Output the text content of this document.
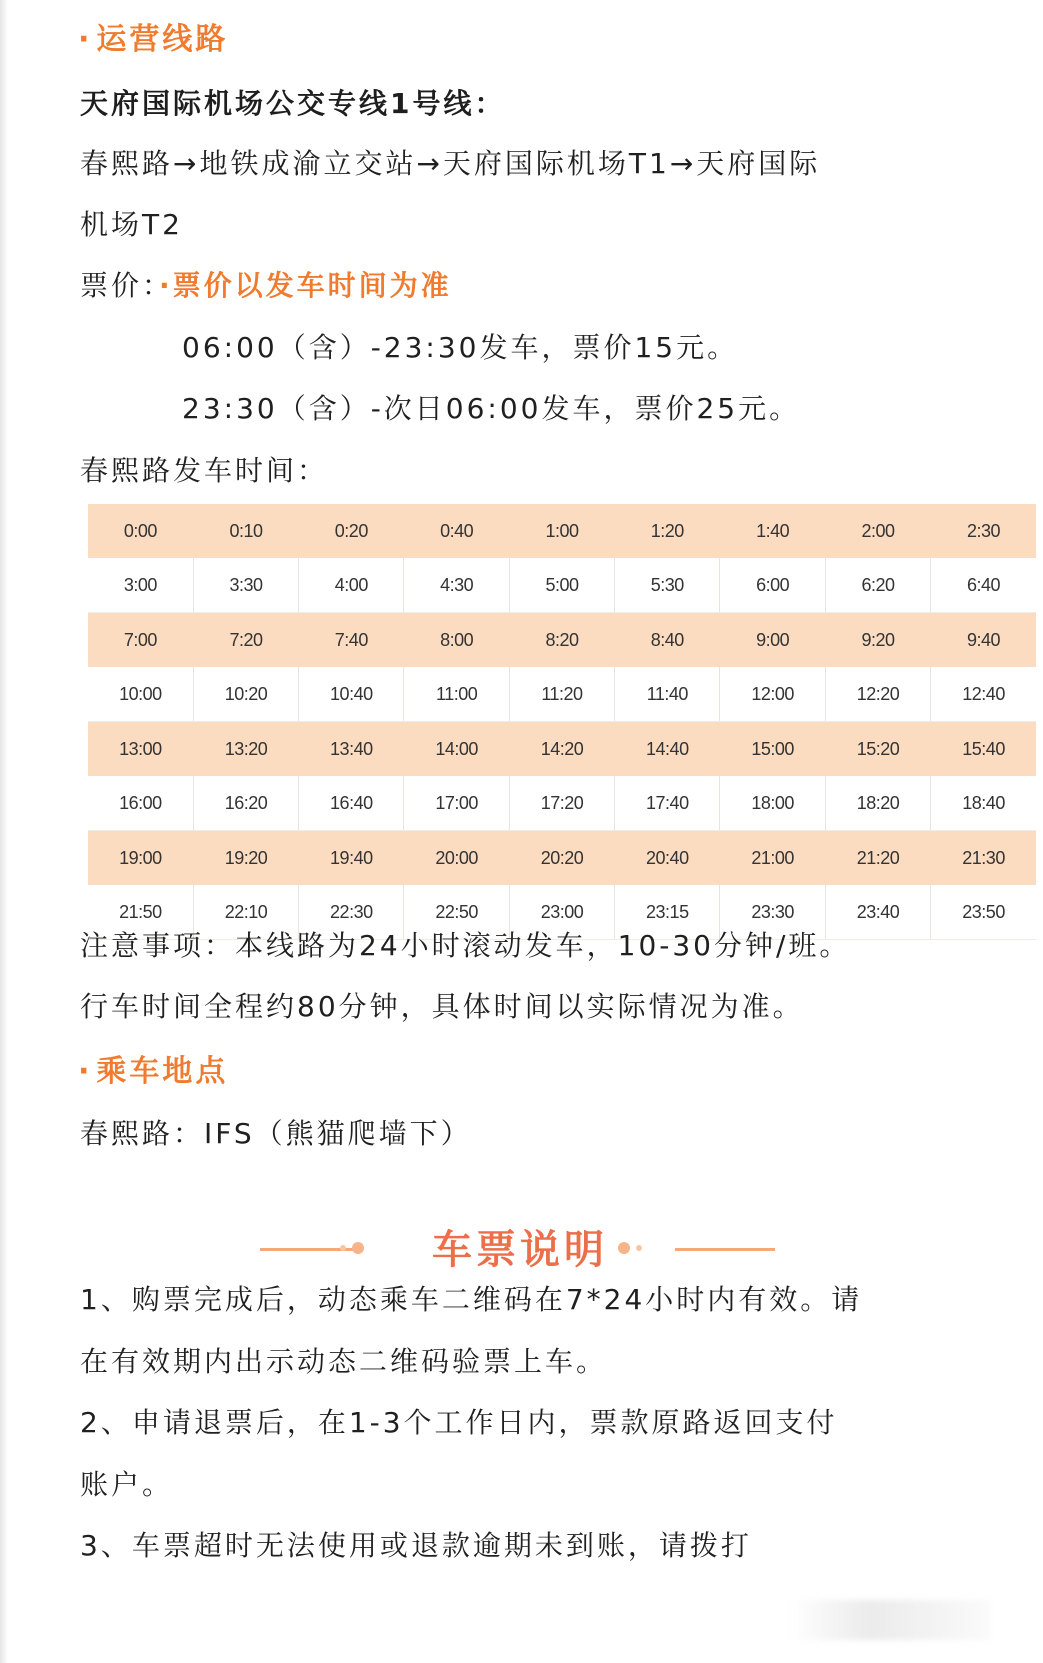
· 运营线路
天府国际机场公交专线1号线：
春熙路→地铁成渝立交站→天府国际机场T1→天府国际
机场T2
票价：·票价以发车时间为准
06:00（含）-23:30发车，票价15元。
23:30（含）-次日06:00发车，票价25元。
春熙路发车时间：
0:00	0:10	0:20	0:40	1:00	1:20	1:40	2:00	2:30
3:00	3:30	4:00	4:30	5:00	5:30	6:00	6:20	6:40
7:00	7:20	7:40	8:00	8:20	8:40	9:00	9:20	9:40
10:00	10:20	10:40	11:00	11:20	11:40	12:00	12:20	12:40
13:00	13:20	13:40	14:00	14:20	14:40	15:00	15:20	15:40
16:00	16:20	16:40	17:00	17:20	17:40	18:00	18:20	18:40
19:00	19:20	19:40	20:00	20:20	20:40	21:00	21:20	21:30
21:50	22:10	22:30	22:50	23:00	23:15	23:30	23:40	23:50
注意事项：本线路为24小时滚动发车，10-30分钟/班。
行车时间全程约80分钟，具体时间以实际情况为准。
· 乘车地点
春熙路：IFS（熊猫爬墙下）
车票说明
1、购票完成后，动态乘车二维码在7*24小时内有效。请
在有效期内出示动态二维码验票上车。
2、申请退票后，在1-3个工作日内，票款原路返回支付
账户。
3、车票超时无法使用或退款逾期未到账，请拨打
